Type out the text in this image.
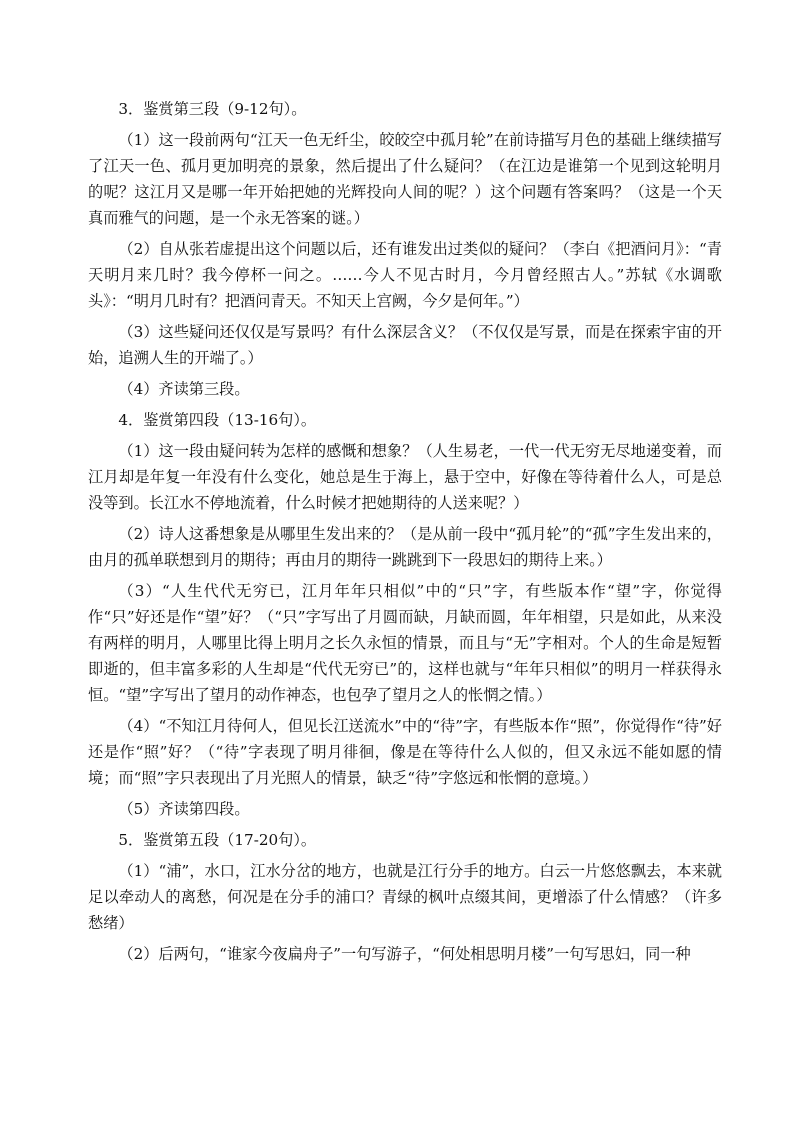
3．鉴赏第三段（9-12句）。

（1）这一段前两句“江天一色无纤尘，皎皎空中孤月轮”在前诗描写月色的基础上继续描写了江天一色、孤月更加明亮的景象，然后提出了什么疑问？（在江边是谁第一个见到这轮明月的呢？这江月又是哪一年开始把她的光辉投向人间的呢？）这个问题有答案吗？（这是一个天真而雅气的问题，是一个永无答案的谜。）

（2）自从张若虚提出这个问题以后，还有谁发出过类似的疑问？（李白《把酒问月》：“青天明月来几时？我今停杯一问之。……今人不见古时月，今月曾经照古人。”苏轼《水调歌头》：“明月几时有？把酒问青天。不知天上宫阙，今夕是何年。”）

（3）这些疑问还仅仅是写景吗？有什么深层含义？（不仅仅是写景，而是在探索宇宙的开始，追溯人生的开端了。）

（4）齐读第三段。

4．鉴赏第四段（13-16句）。

（1）这一段由疑问转为怎样的感慨和想象？（人生易老，一代一代无穷无尽地递变着，而江月却是年复一年没有什么变化，她总是生于海上，悬于空中，好像在等待着什么人，可是总没等到。长江水不停地流着，什么时候才把她期待的人送来呢？）

（2）诗人这番想象是从哪里生发出来的？（是从前一段中“孤月轮”的“孤”字生发出来的，由月的孤单联想到月的期待；再由月的期待一跳跳到下一段思妇的期待上来。）

（3）“人生代代无穷已，江月年年只相似”中的“只”字，有些版本作“望”字，你觉得作“只”好还是作“望”好？（“只”字写出了月圆而缺，月缺而圆，年年相望，只是如此，从来没有两样的明月，人哪里比得上明月之长久永恒的情景，而且与“无”字相对。个人的生命是短暂即逝的，但丰富多彩的人生却是“代代无穷已”的，这样也就与“年年只相似”的明月一样获得永恒。“望”字写出了望月的动作神态，也包孕了望月之人的怅惘之情。）

（4）“不知江月待何人，但见长江送流水”中的“待”字，有些版本作“照”，你觉得作“待”好还是作“照”好？（“待”字表现了明月徘徊，像是在等待什么人似的，但又永远不能如愿的情境；而“照”字只表现出了月光照人的情景，缺乏“待”字悠远和怅惘的意境。）

（5）齐读第四段。

5．鉴赏第五段（17-20句）。

（1）“浦”，水口，江水分岔的地方，也就是江行分手的地方。白云一片悠悠飘去，本来就足以牵动人的离愁，何况是在分手的浦口？青绿的枫叶点缀其间，更增添了什么情感？（许多愁绪）

（2）后两句，“谁家今夜扁舟子”一句写游子，“何处相思明月楼”一句写思妇，同一种
